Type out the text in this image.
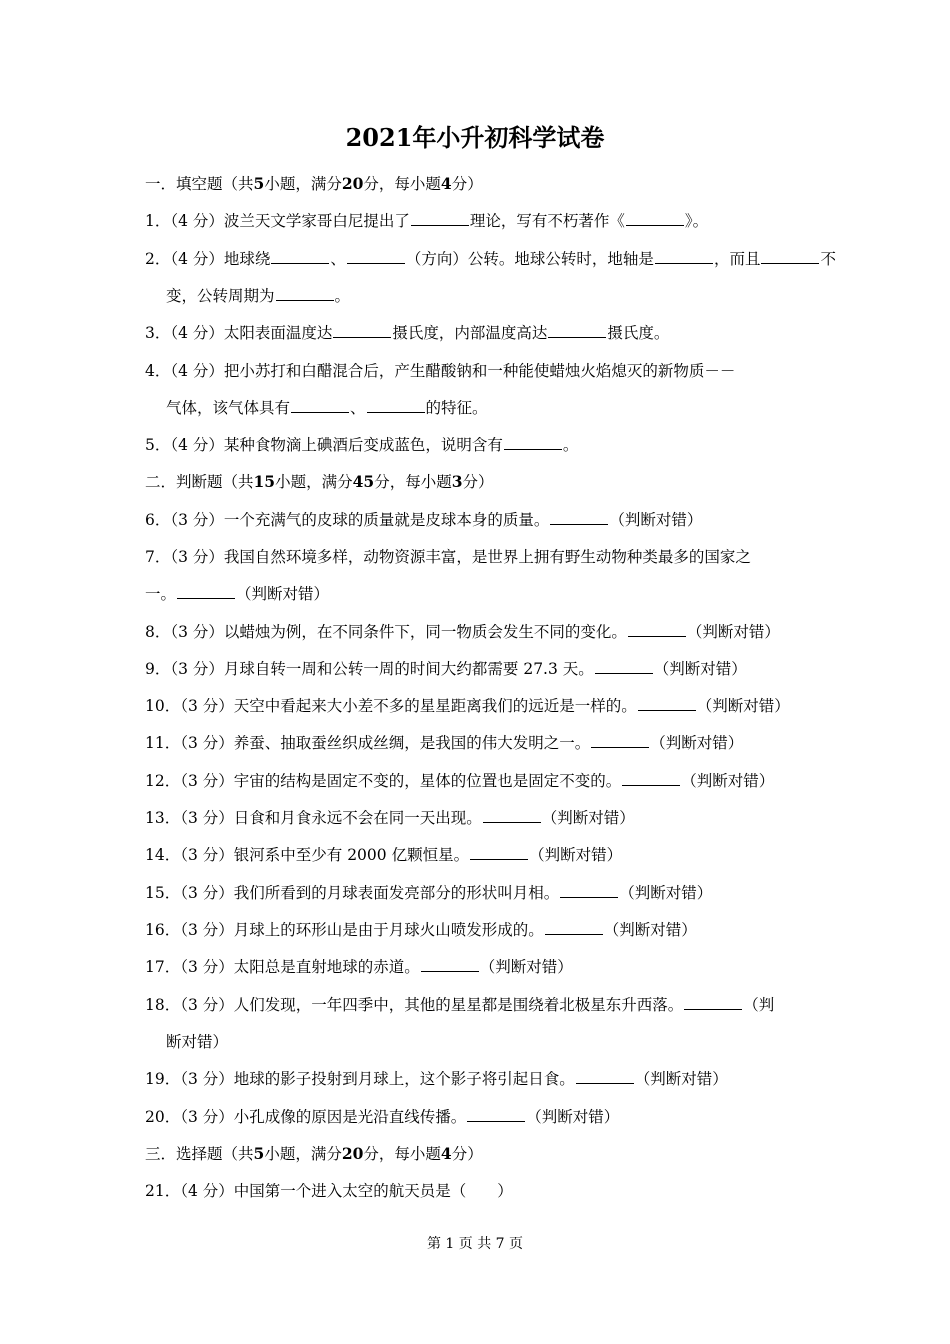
2021年小升初科学试卷
一．填空题（共5小题，满分20分，每小题4分）
1．（4 分）波兰天文学家哥白尼提出了	理论，写有不朽著作《	》。
2．（4 分）地球绕	、	（方向）公转。地球公转时，地轴是	，而且	不
变，公转周期为	。
3．（4 分）太阳表面温度达	摄氏度，内部温度高达	摄氏度。
4．（4 分）把小苏打和白醋混合后，产生醋酸钠和一种能使蜡烛火焰熄灭的新物质－－
气体，该气体具有	、	的特征。
5．（4 分）某种食物滴上碘酒后变成蓝色，说明含有	。
二．判断题（共15小题，满分45分，每小题3分）
6．（3 分）一个充满气的皮球的质量就是皮球本身的质量。	（判断对错）
7．（3 分）我国自然环境多样，动物资源丰富，是世界上拥有野生动物种类最多的国家之
一。	（判断对错）
8．（3 分）以蜡烛为例，在不同条件下，同一物质会发生不同的变化。	（判断对错）
9．（3 分）月球自转一周和公转一周的时间大约都需要 27.3 天。	（判断对错）
10．（3 分）天空中看起来大小差不多的星星距离我们的远近是一样的。	（判断对错）
11．（3 分）养蚕、抽取蚕丝织成丝绸，是我国的伟大发明之一。	（判断对错）
12．（3 分）宇宙的结构是固定不变的，星体的位置也是固定不变的。	（判断对错）
13．（3 分）日食和月食永远不会在同一天出现。	（判断对错）
14．（3 分）银河系中至少有 2000 亿颗恒星。	（判断对错）
15．（3 分）我们所看到的月球表面发亮部分的形状叫月相。	（判断对错）
16．（3 分）月球上的环形山是由于月球火山喷发形成的。	（判断对错）
17．（3 分）太阳总是直射地球的赤道。	（判断对错）
18．（3 分）人们发现，一年四季中，其他的星星都是围绕着北极星东升西落。	（判
断对错）
19．（3 分）地球的影子投射到月球上，这个影子将引起日食。	（判断对错）
20．（3 分）小孔成像的原因是光沿直线传播。	（判断对错）
三．选择题（共5小题，满分20分，每小题4分）
21．（4 分）中国第一个进入太空的航天员是（　　）
第 1 页 共 7 页
